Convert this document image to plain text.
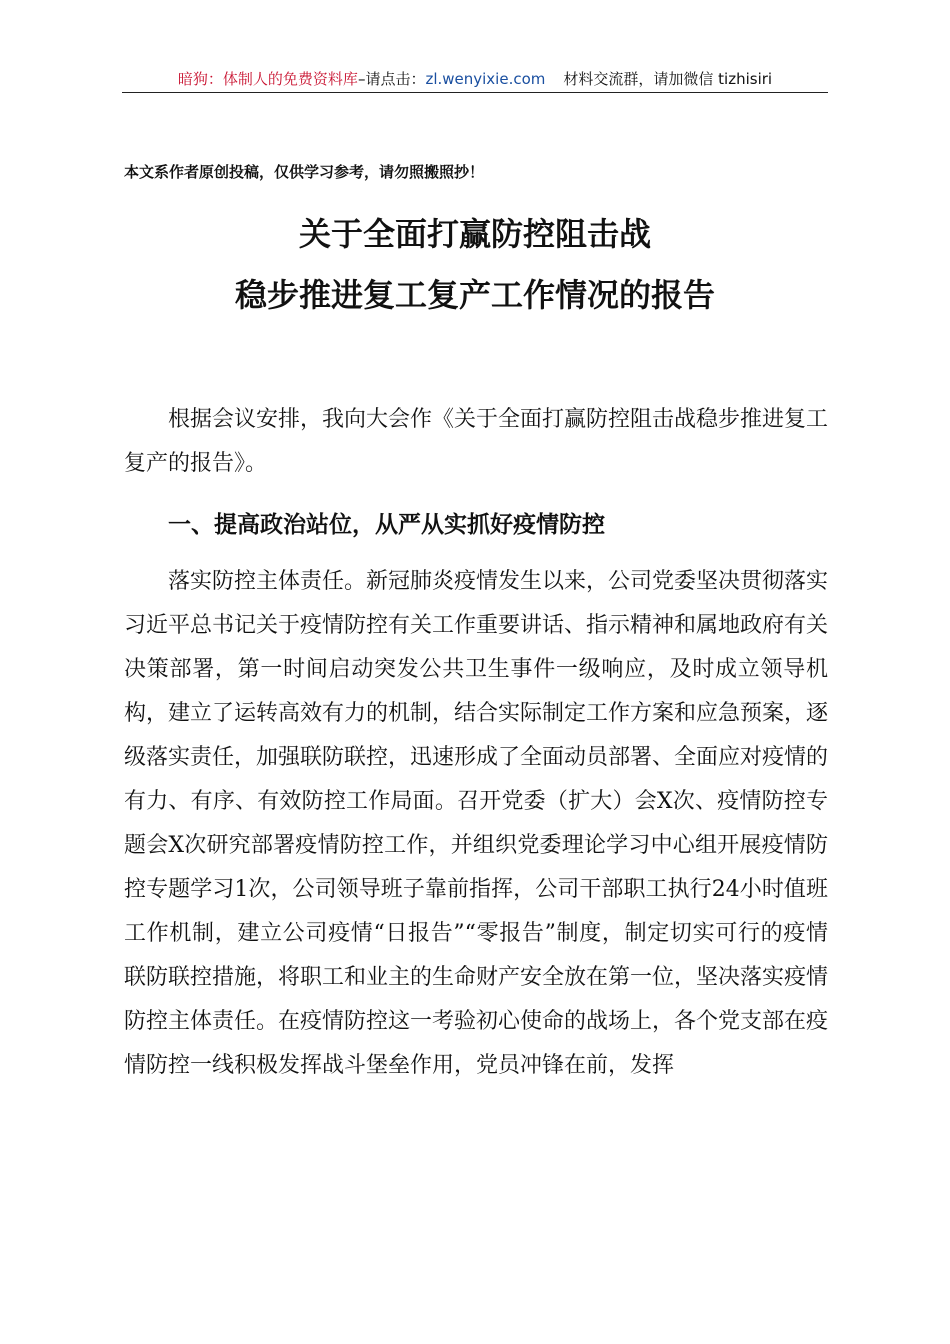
暗狗：体制人的免费资料库–请点击：zl.wenyixie.com 材料交流群，请加微信 tizhisiri
本文系作者原创投稿，仅供学习参考，请勿照搬照抄！
关于全面打赢防控阻击战
稳步推进复工复产工作情况的报告

根据会议安排，我向大会作《关于全面打赢防控阻击战稳步推进复工复产的报告》。

一、提高政治站位，从严从实抓好疫情防控

落实防控主体责任。新冠肺炎疫情发生以来，公司党委坚决贯彻落实习近平总书记关于疫情防控有关工作重要讲话、指示精神和属地政府有关决策部署，第一时间启动突发公共卫生事件一级响应，及时成立领导机构，建立了运转高效有力的机制，结合实际制定工作方案和应急预案，逐级落实责任，加强联防联控，迅速形成了全面动员部署、全面应对疫情的有力、有序、有效防控工作局面。召开党委（扩大）会X次、疫情防控专题会X次研究部署疫情防控工作，并组织党委理论学习中心组开展疫情防控专题学习1次，公司领导班子靠前指挥，公司干部职工执行24小时值班工作机制，建立公司疫情“日报告”“零报告”制度，制定切实可行的疫情联防联控措施，将职工和业主的生命财产安全放在第一位，坚决落实疫情防控主体责任。在疫情防控这一考验初心使命的战场上，各个党支部在疫情防控一线积极发挥战斗堡垒作用，党员冲锋在前，发挥
